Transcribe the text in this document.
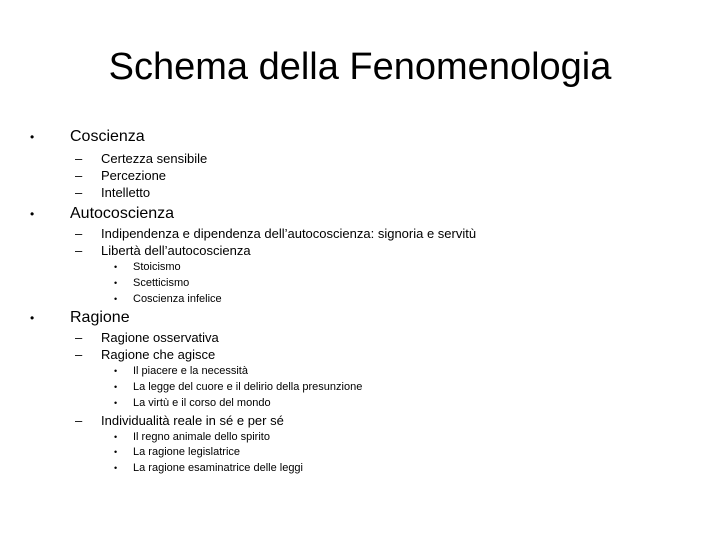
Schema della Fenomenologia
• Coscienza
– Certezza sensibile
– Percezione
– Intelletto
• Autocoscienza
– Indipendenza e dipendenza dell’autocoscienza: signoria e servitù
– Libertà dell’autocoscienza
• Stoicismo
• Scetticismo
• Coscienza infelice
• Ragione
– Ragione osservativa
– Ragione che agisce
• Il piacere e la necessità
• La legge del cuore e il delirio della presunzione
• La virtù e il corso del mondo
– Individualità reale in sé e per sé
• Il regno animale dello spirito
• La ragione legislatrice
• La ragione esaminatrice delle leggi
